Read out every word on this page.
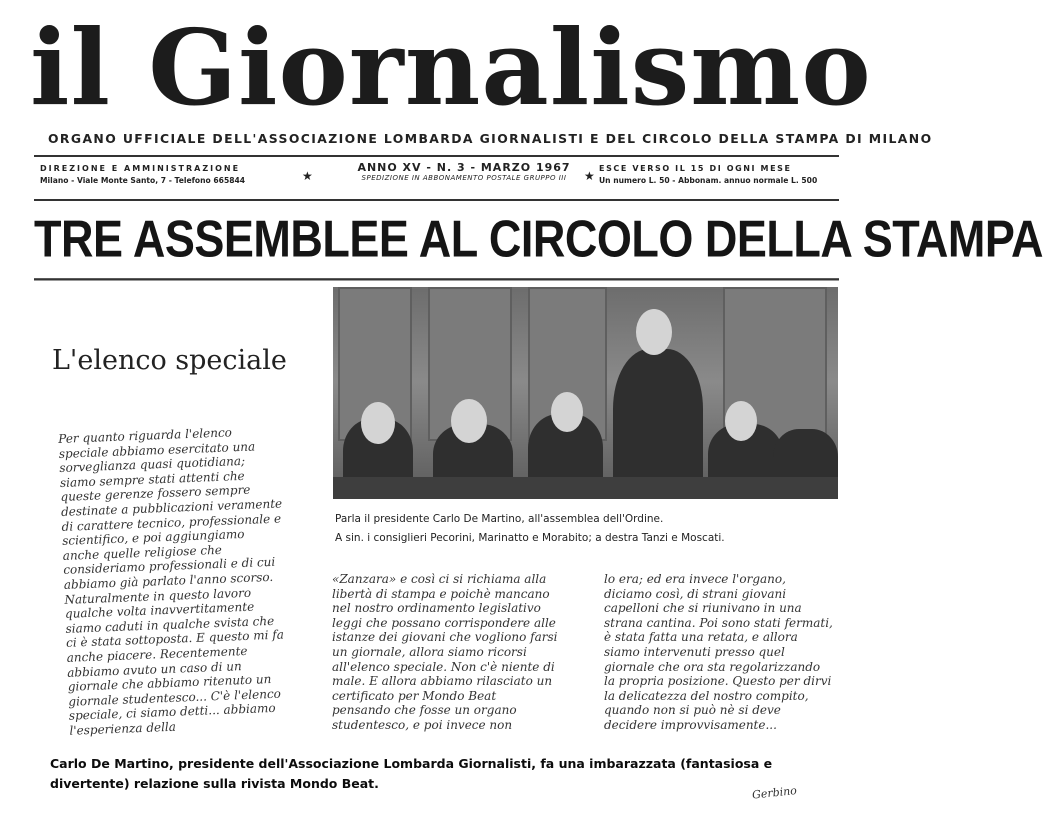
il Giornalismo
ORGANO UFFICIALE DELL'ASSOCIAZIONE LOMBARDA GIORNALISTI E DEL CIRCOLO DELLA STAMPA DI MILANO
DIREZIONE E AMMINISTRAZIONE
Milano - Viale Monte Santo, 7 - Telefono 665844	★
ANNO XV - N. 3 - MARZO 1967
SPEDIZIONE IN ABBONAMENTO POSTALE GRUPPO III	★
ESCE VERSO IL 15 DI OGNI MESE
Un numero L. 50 - Abbonam. annuo normale L. 500
TRE ASSEMBLEE AL CIRCOLO DELLA STAMPA
L'elenco speciale
Per quanto riguarda l'elenco speciale abbiamo esercitato una sorveglianza quasi quotidiana; siamo sempre stati attenti che queste gerenze fossero sempre destinate a pubblicazioni veramente di carattere tecnico, professionale e scientifico, e poi aggiungiamo anche quelle religiose che consideriamo professionali e di cui abbiamo già parlato l'anno scorso. Naturalmente in questo lavoro qualche volta inavvertitamente siamo caduti in qualche svista che ci è stata sottoposta. E questo mi fa anche piacere. Recentemente abbiamo avuto un caso di un giornale che abbiamo ritenuto un giornale studentesco... C'è l'elenco speciale, ci siamo detti... abbiamo l'esperienza della
Parla il presidente Carlo De Martino, all'assemblea dell'Ordine.
A sin. i consiglieri Pecorini, Marinatto e Morabito; a destra Tanzi e Moscati.
«Zanzara» e così ci si richiama alla libertà di stampa e poichè mancano nel nostro ordinamento legislativo leggi che possano corrispondere alle istanze dei giovani che vogliono farsi un giornale, allora siamo ricorsi all'elenco speciale. Non c'è niente di male. E allora abbiamo rilasciato un certificato per Mondo Beat pensando che fosse un organo studentesco, e poi invece non
lo era; ed era invece l'organo, diciamo così, di strani giovani capelloni che si riunivano in una strana cantina. Poi sono stati fermati, è stata fatta una retata, e allora siamo intervenuti presso quel giornale che ora sta regolarizzando la propria posizione. Questo per dirvi la delicatezza del nostro compito, quando non si può nè si deve decidere improvvisamente...
Carlo De Martino, presidente dell'Associazione Lombarda Giornalisti, fa una imbarazzata (fantasiosa e divertente) relazione sulla rivista Mondo Beat.
Gerbino
